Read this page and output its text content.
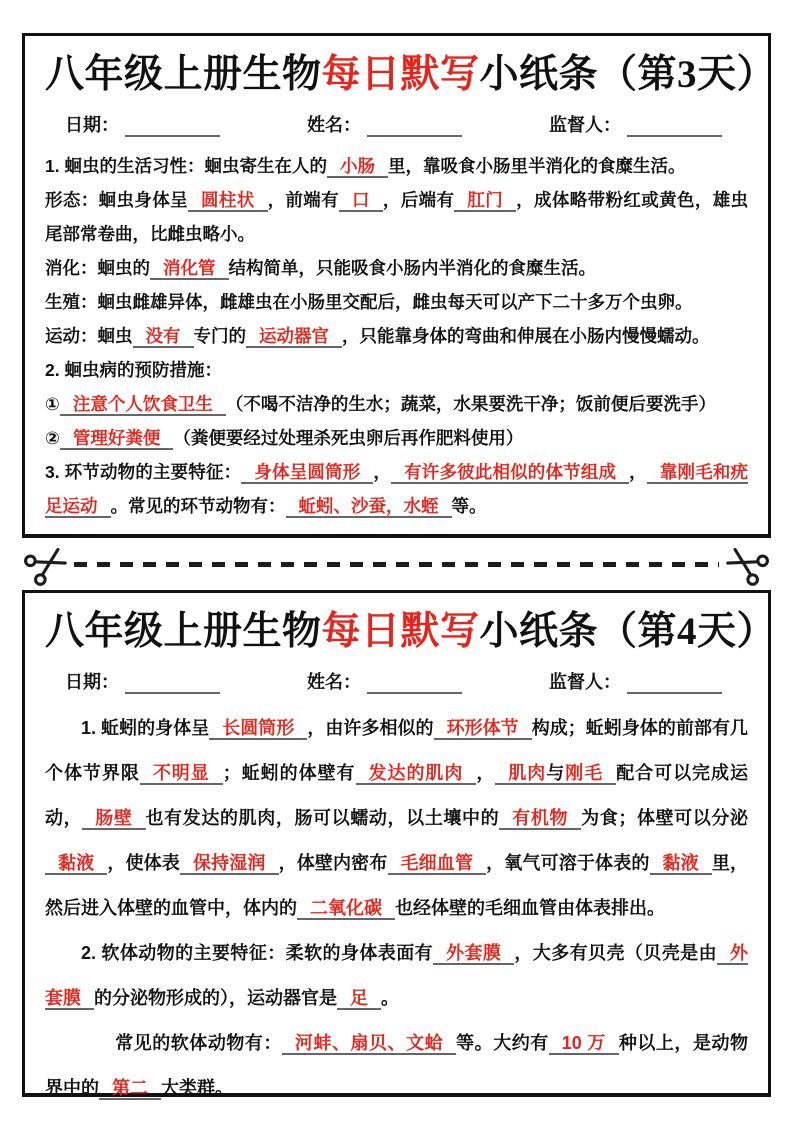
八年级上册生物每日默写小纸条（第3天）
日期：	姓名：	监督人：

1. 蛔虫的生活习性：蛔虫寄生在人的 小肠 里，靠吸食小肠里半消化的食糜生活。

形态：蛔虫身体呈 圆柱状 ，前端有 口 ，后端有 肛门 ，成体略带粉红或黄色，雄虫尾部常卷曲，比雌虫略小。

消化：蛔虫的 消化管 结构简单，只能吸食小肠内半消化的食糜生活。

生殖：蛔虫雌雄异体，雌雄虫在小肠里交配后，雌虫每天可以产下二十多万个虫卵。

运动：蛔虫 没有 专门的 运动器官 ，只能靠身体的弯曲和伸展在小肠内慢慢蠕动。

2. 蛔虫病的预防措施：

① 注意个人饮食卫生 （不喝不洁净的生水；蔬菜，水果要洗干净；饭前便后要洗手）

② 管理好粪便 （粪便要经过处理杀死虫卵后再作肥料使用）

3. 环节动物的主要特征： 身体呈圆筒形 ， 有许多彼此相似的体节组成 ， 靠刚毛和疣足运动 。常见的环节动物有： 蚯蚓、沙蚕，水蛭 等。

八年级上册生物每日默写小纸条（第4天）
日期：	姓名：	监督人：

1. 蚯蚓的身体呈 长圆筒形 ，由许多相似的 环形体节 构成；蚯蚓身体的前部有几个体节界限 不明显 ；蚯蚓的体壁有 发达的肌肉 ， 肌肉与刚毛 配合可以完成运动， 肠壁 也有发达的肌肉，肠可以蠕动，以土壤中的 有机物 为食；体壁可以分泌黏液 ，使体表 保持湿润 ，体壁内密布 毛细血管 ，氧气可溶于体表的 黏液 里，然后进入体壁的血管中，体内的 二氧化碳 也经体壁的毛细血管由体表排出。

2. 软体动物的主要特征：柔软的身体表面有 外套膜 ，大多有贝壳（贝壳是由 外套膜 的分泌物形成的），运动器官是 足 。

常见的软体动物有： 河蚌、扇贝、文蛤 等。大约有 10 万 种以上，是动物界中的 第二 大类群。
